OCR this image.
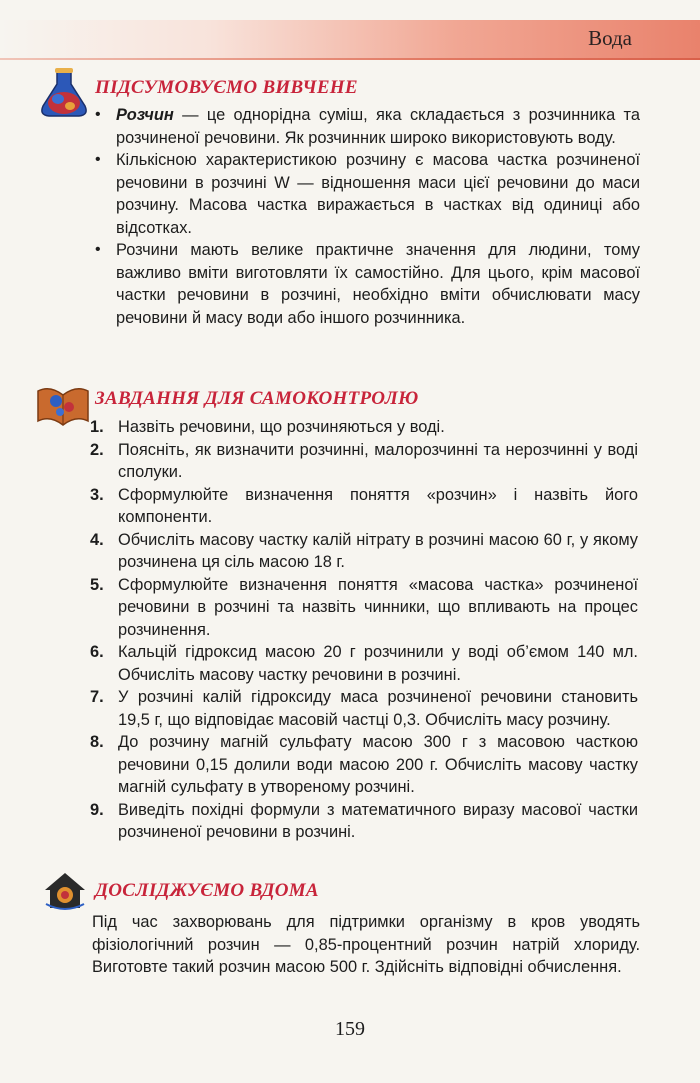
Вода
ПІДСУМОВУЄМО ВИВЧЕНЕ
• Розчин — це однорідна суміш, яка складається з розчинника та розчиненої речовини. Як розчинник широко використовують воду.
• Кількісною характеристикою розчину є масова частка розчиненої речовини в розчині W — відношення маси цієї речовини до маси розчину. Масова частка виражається в частках від одиниці або відсотках.
• Розчини мають велике практичне значення для людини, тому важливо вміти виготовляти їх самостійно. Для цього, крім масової частки речовини в розчині, необхідно вміти обчислювати масу речовини й масу води або іншого розчинника.
ЗАВДАННЯ ДЛЯ САМОКОНТРОЛЮ
1. Назвіть речовини, що розчиняються у воді.
2. Поясніть, як визначити розчинні, малорозчинні та нерозчинні у воді сполуки.
3. Сформулюйте визначення поняття «розчин» і назвіть його компоненти.
4. Обчисліть масову частку калій нітрату в розчині масою 60 г, у якому розчинена ця сіль масою 18 г.
5. Сформулюйте визначення поняття «масова частка» розчиненої речовини в розчині та назвіть чинники, що впливають на процес розчинення.
6. Кальцій гідроксид масою 20 г розчинили у воді об’ємом 140 мл. Обчисліть масову частку речовини в розчині.
7. У розчині калій гідроксиду маса розчиненої речовини становить 19,5 г, що відповідає масовій частці 0,3. Обчисліть масу розчину.
8. До розчину магній сульфату масою 300 г з масовою часткою речовини 0,15 долили води масою 200 г. Обчисліть масову частку магній сульфату в утвореному розчині.
9. Виведіть похідні формули з математичного виразу масової частки розчиненої речовини в розчині.
ДОСЛІДЖУЄМО ВДОМА
Під час захворювань для підтримки організму в кров уводять фізіологічний розчин — 0,85-процентний розчин натрій хлориду. Виготовте такий розчин масою 500 г. Здійсніть відповідні обчислення.
159
